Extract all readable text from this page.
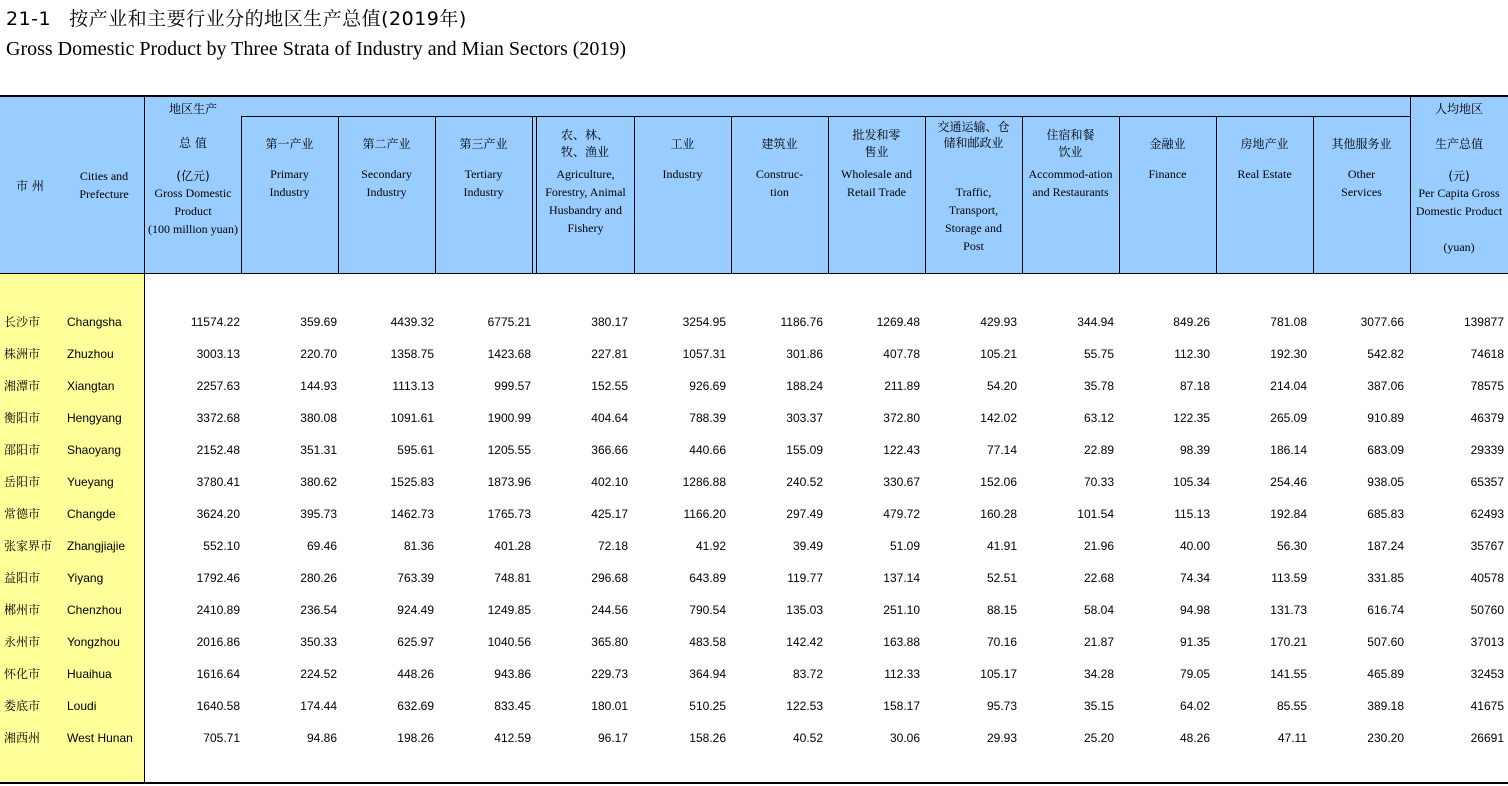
21-1 按产业和主要行业分的地区生产总值(2019年)
Gross Domestic Product by Three Strata of Industry and Mian Sectors (2019)
市 州
Cities and Prefecture
地区生产
总 值
(亿元)
Gross Domestic Product
(100 million yuan)
第一产业
Primary Industry
第二产业
Secondary Industry
第三产业
Tertiary Industry
农、林、牧、渔业
Agriculture, Forestry, Animal Husbandry and Fishery
工业
Industry
建筑业
Construc-tion
批发和零售业
Wholesale and Retail Trade
交通运输、仓储和邮政业
Traffic, Transport, Storage and Post
住宿和餐饮业
Accommod-ation and Restaurants
金融业
Finance
房地产业
Real Estate
其他服务业
Other Services
人均地区
生产总值
(元)
Per Capita Gross Domestic Product
(yuan)
长沙市 Changsha	11574.22	359.69	4439.32	6775.21	380.17	3254.95	1186.76	1269.48	429.93	344.94	849.26	781.08	3077.66	139877
株洲市 Zhuzhou	3003.13	220.70	1358.75	1423.68	227.81	1057.31	301.86	407.78	105.21	55.75	112.30	192.30	542.82	74618
湘潭市 Xiangtan	2257.63	144.93	1113.13	999.57	152.55	926.69	188.24	211.89	54.20	35.78	87.18	214.04	387.06	78575
衡阳市 Hengyang	3372.68	380.08	1091.61	1900.99	404.64	788.39	303.37	372.80	142.02	63.12	122.35	265.09	910.89	46379
邵阳市 Shaoyang	2152.48	351.31	595.61	1205.55	366.66	440.66	155.09	122.43	77.14	22.89	98.39	186.14	683.09	29339
岳阳市 Yueyang	3780.41	380.62	1525.83	1873.96	402.10	1286.88	240.52	330.67	152.06	70.33	105.34	254.46	938.05	65357
常德市 Changde	3624.20	395.73	1462.73	1765.73	425.17	1166.20	297.49	479.72	160.28	101.54	115.13	192.84	685.83	62493
张家界市 Zhangjiajie	552.10	69.46	81.36	401.28	72.18	41.92	39.49	51.09	41.91	21.96	40.00	56.30	187.24	35767
益阳市 Yiyang	1792.46	280.26	763.39	748.81	296.68	643.89	119.77	137.14	52.51	22.68	74.34	113.59	331.85	40578
郴州市 Chenzhou	2410.89	236.54	924.49	1249.85	244.56	790.54	135.03	251.10	88.15	58.04	94.98	131.73	616.74	50760
永州市 Yongzhou	2016.86	350.33	625.97	1040.56	365.80	483.58	142.42	163.88	70.16	21.87	91.35	170.21	507.60	37013
怀化市 Huaihua	1616.64	224.52	448.26	943.86	229.73	364.94	83.72	112.33	105.17	34.28	79.05	141.55	465.89	32453
娄底市 Loudi	1640.58	174.44	632.69	833.45	180.01	510.25	122.53	158.17	95.73	35.15	64.02	85.55	389.18	41675
湘西州 West Hunan	705.71	94.86	198.26	412.59	96.17	158.26	40.52	30.06	29.93	25.20	48.26	47.11	230.20	26691
